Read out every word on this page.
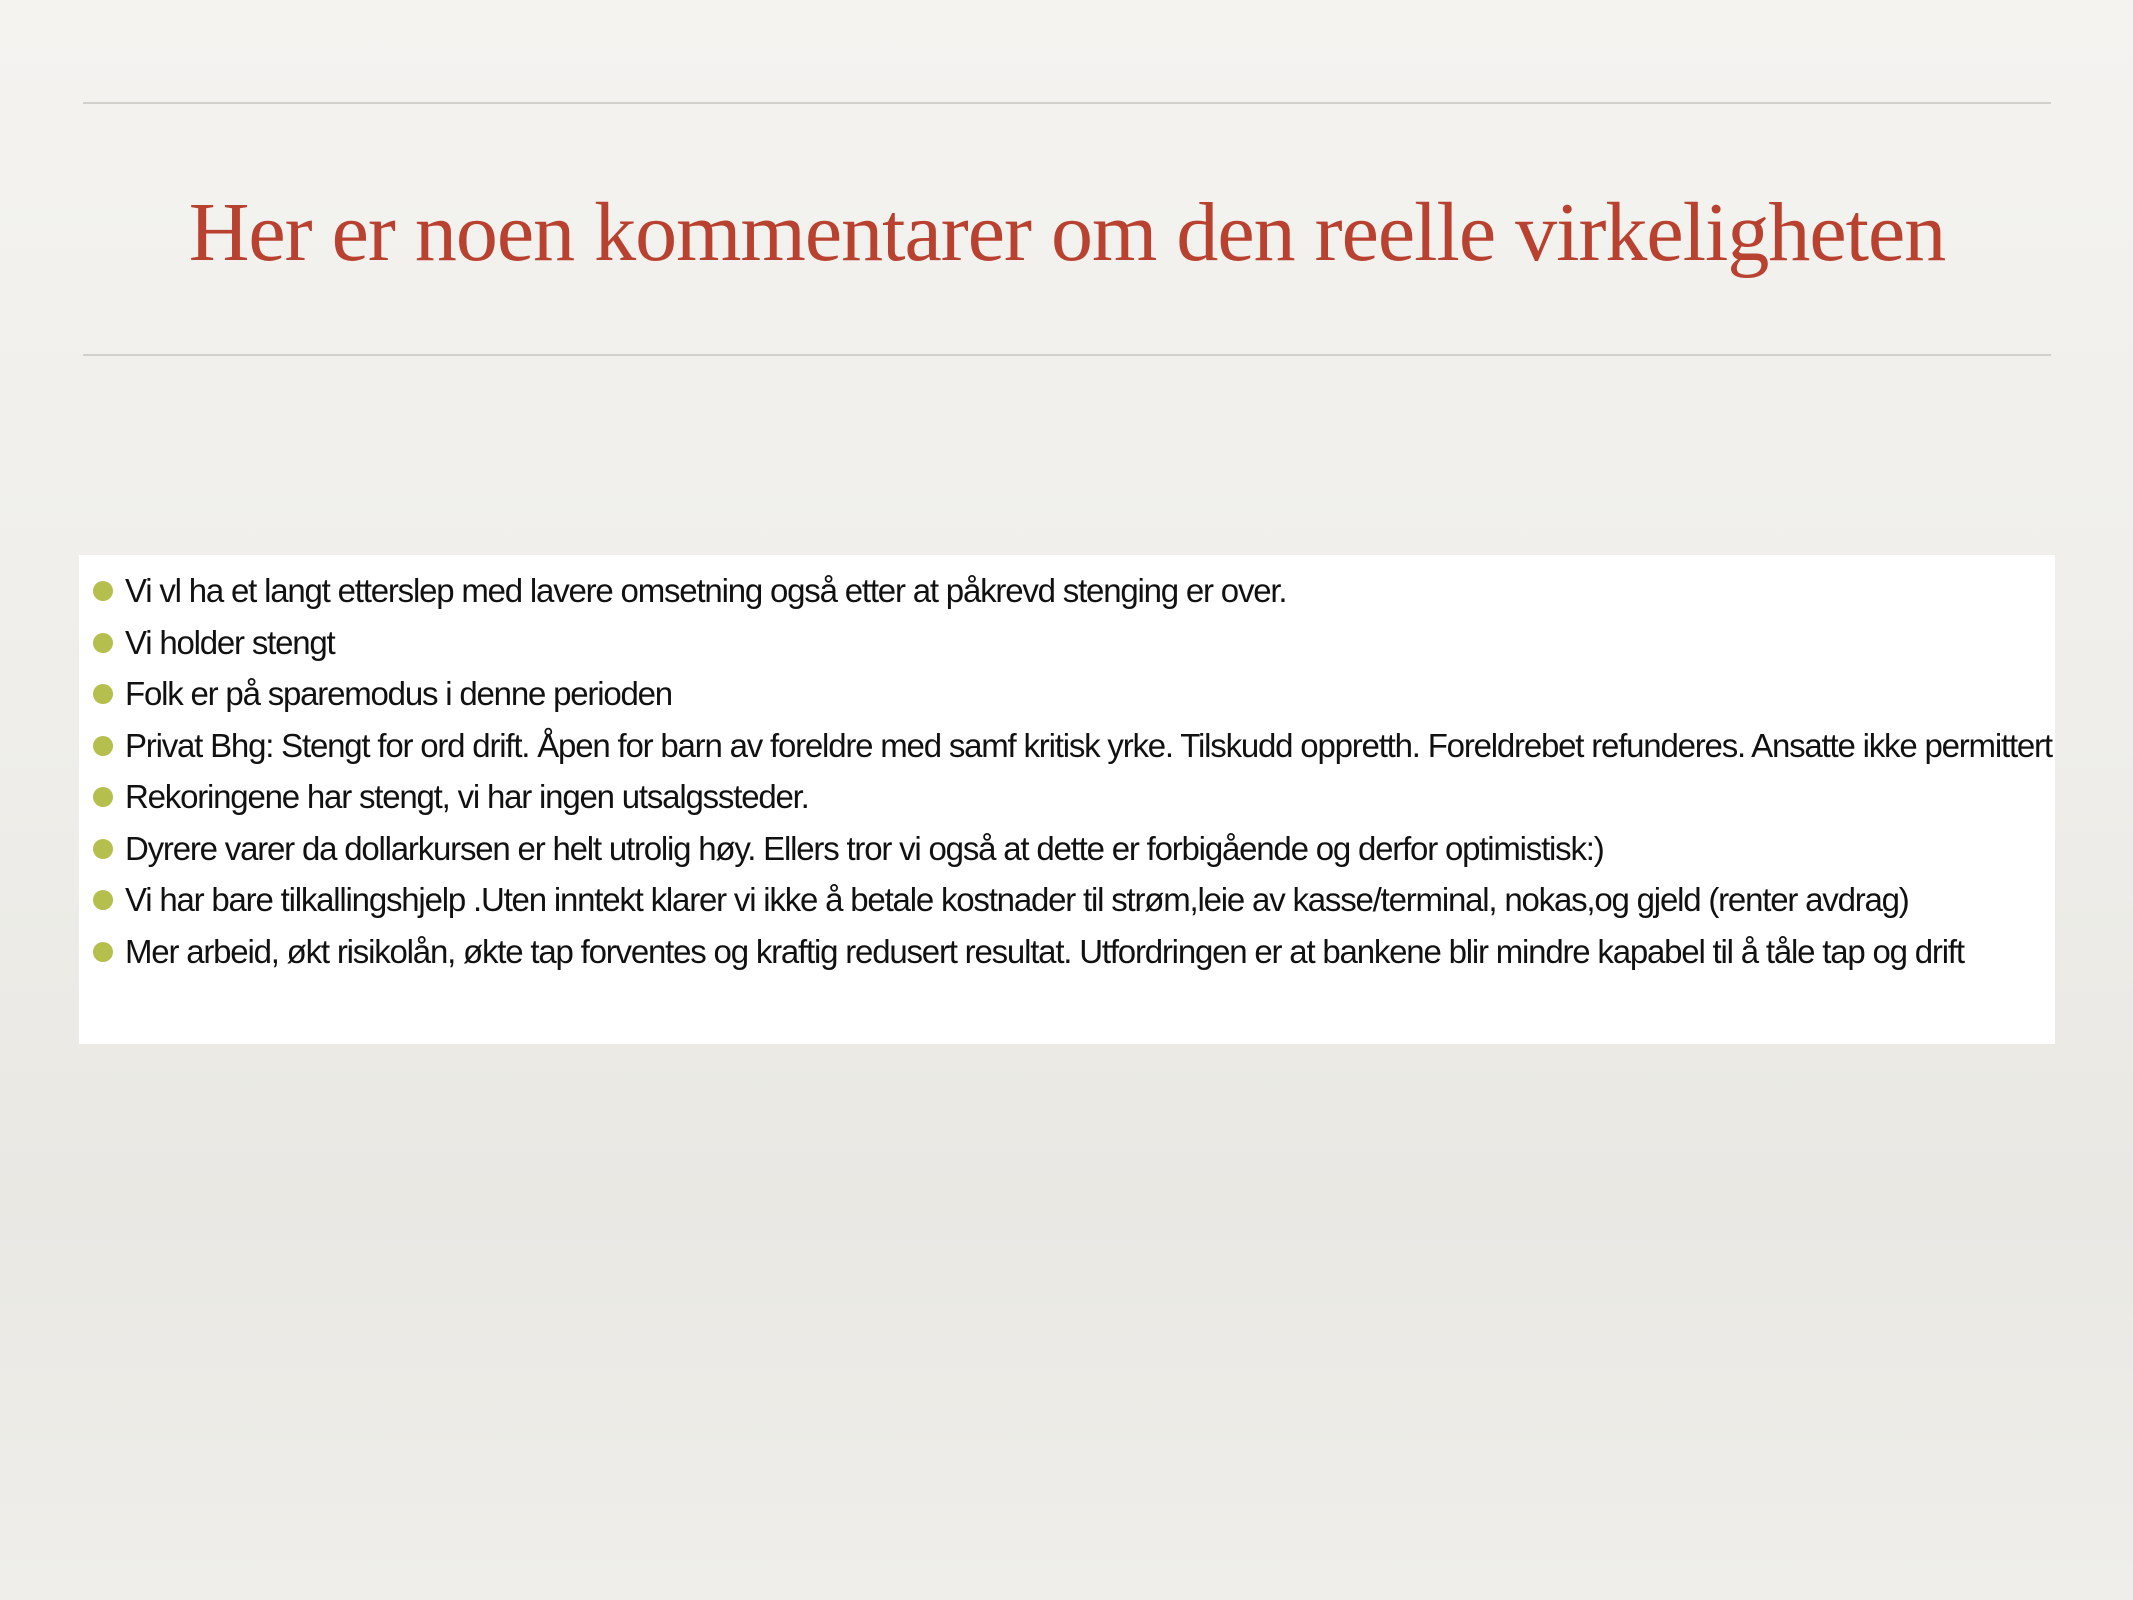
Her er noen kommentarer om den reelle virkeligheten
Vi vl ha et langt etterslep med lavere omsetning også etter at påkrevd stenging er over.
Vi holder stengt
Folk er på sparemodus i denne perioden
Privat Bhg: Stengt for ord drift. Åpen for barn av foreldre med samf kritisk yrke. Tilskudd oppretth. Foreldrebet refunderes. Ansatte ikke permittert
Rekoringene har stengt, vi har ingen utsalgssteder.
Dyrere varer da dollarkursen er helt utrolig høy. Ellers tror vi også at dette er forbigående og derfor optimistisk:)
Vi har bare tilkallingshjelp .Uten inntekt klarer vi ikke å betale kostnader til strøm,leie av kasse/terminal, nokas,og gjeld (renter avdrag)
Mer arbeid, økt risikolån, økte tap forventes og kraftig redusert resultat. Utfordringen er at bankene blir mindre kapabel til å tåle tap og drift
